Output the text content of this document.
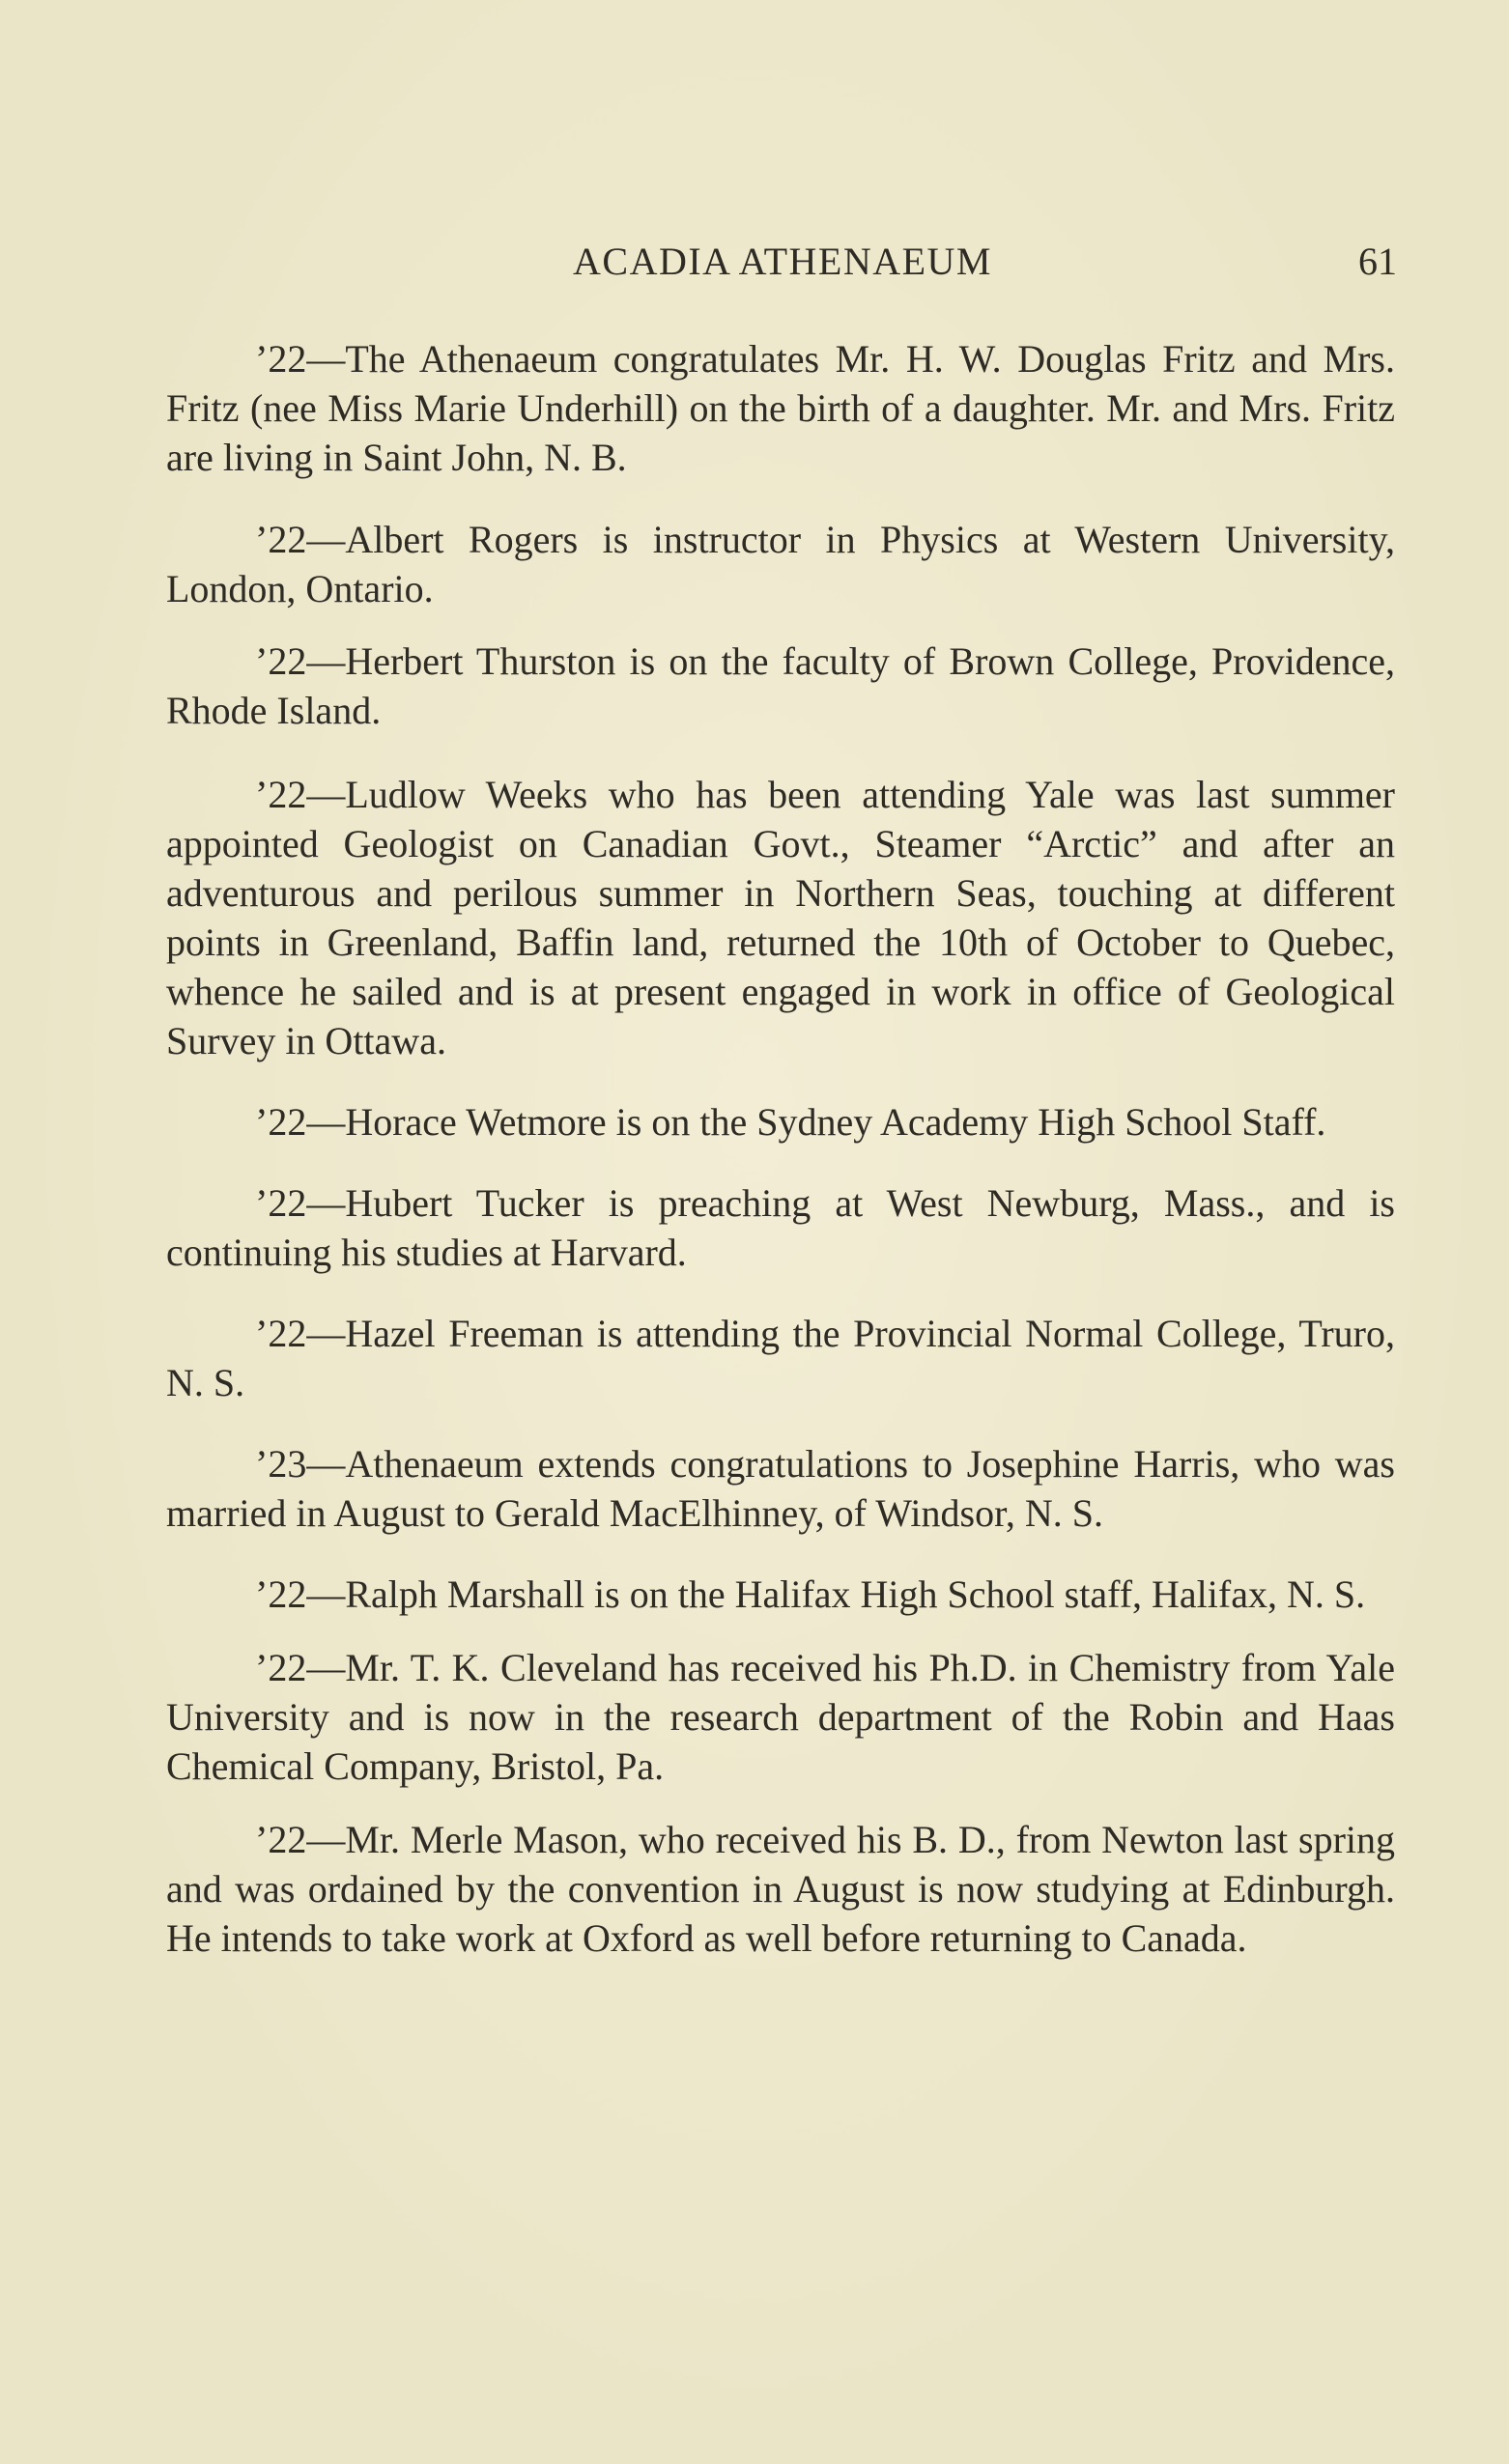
ACADIA ATHENAEUM	61

’22—The Athenaeum congratulates Mr. H. W. Douglas Fritz and Mrs. Fritz (nee Miss Marie Underhill) on the birth of a daughter. Mr. and Mrs. Fritz are living in Saint John, N. B.

’22—Albert Rogers is instructor in Physics at Western University, London, Ontario.

’22—Herbert Thurston is on the faculty of Brown College, Providence, Rhode Island.

’22—Ludlow Weeks who has been attending Yale was last summer appointed Geologist on Canadian Govt., Steamer “Arctic” and after an adventurous and perilous summer in Northern Seas, touching at different points in Greenland, Baffin land, returned the 10th of October to Quebec, whence he sailed and is at present engaged in work in office of Geological Survey in Ottawa.

’22—Horace Wetmore is on the Sydney Academy High School Staff.

’22—Hubert Tucker is preaching at West Newburg, Mass., and is continuing his studies at Harvard.

’22—Hazel Freeman is attending the Provincial Normal College, Truro, N. S.

’23—Athenaeum extends congratulations to Josephine Harris, who was married in August to Gerald MacElhinney, of Windsor, N. S.

’22—Ralph Marshall is on the Halifax High School staff, Halifax, N. S.

’22—Mr. T. K. Cleveland has received his Ph.D. in Chemistry from Yale University and is now in the research department of the Robin and Haas Chemical Company, Bristol, Pa.

’22—Mr. Merle Mason, who received his B. D., from Newton last spring and was ordained by the convention in August is now studying at Edinburgh. He intends to take work at Oxford as well before returning to Canada.
